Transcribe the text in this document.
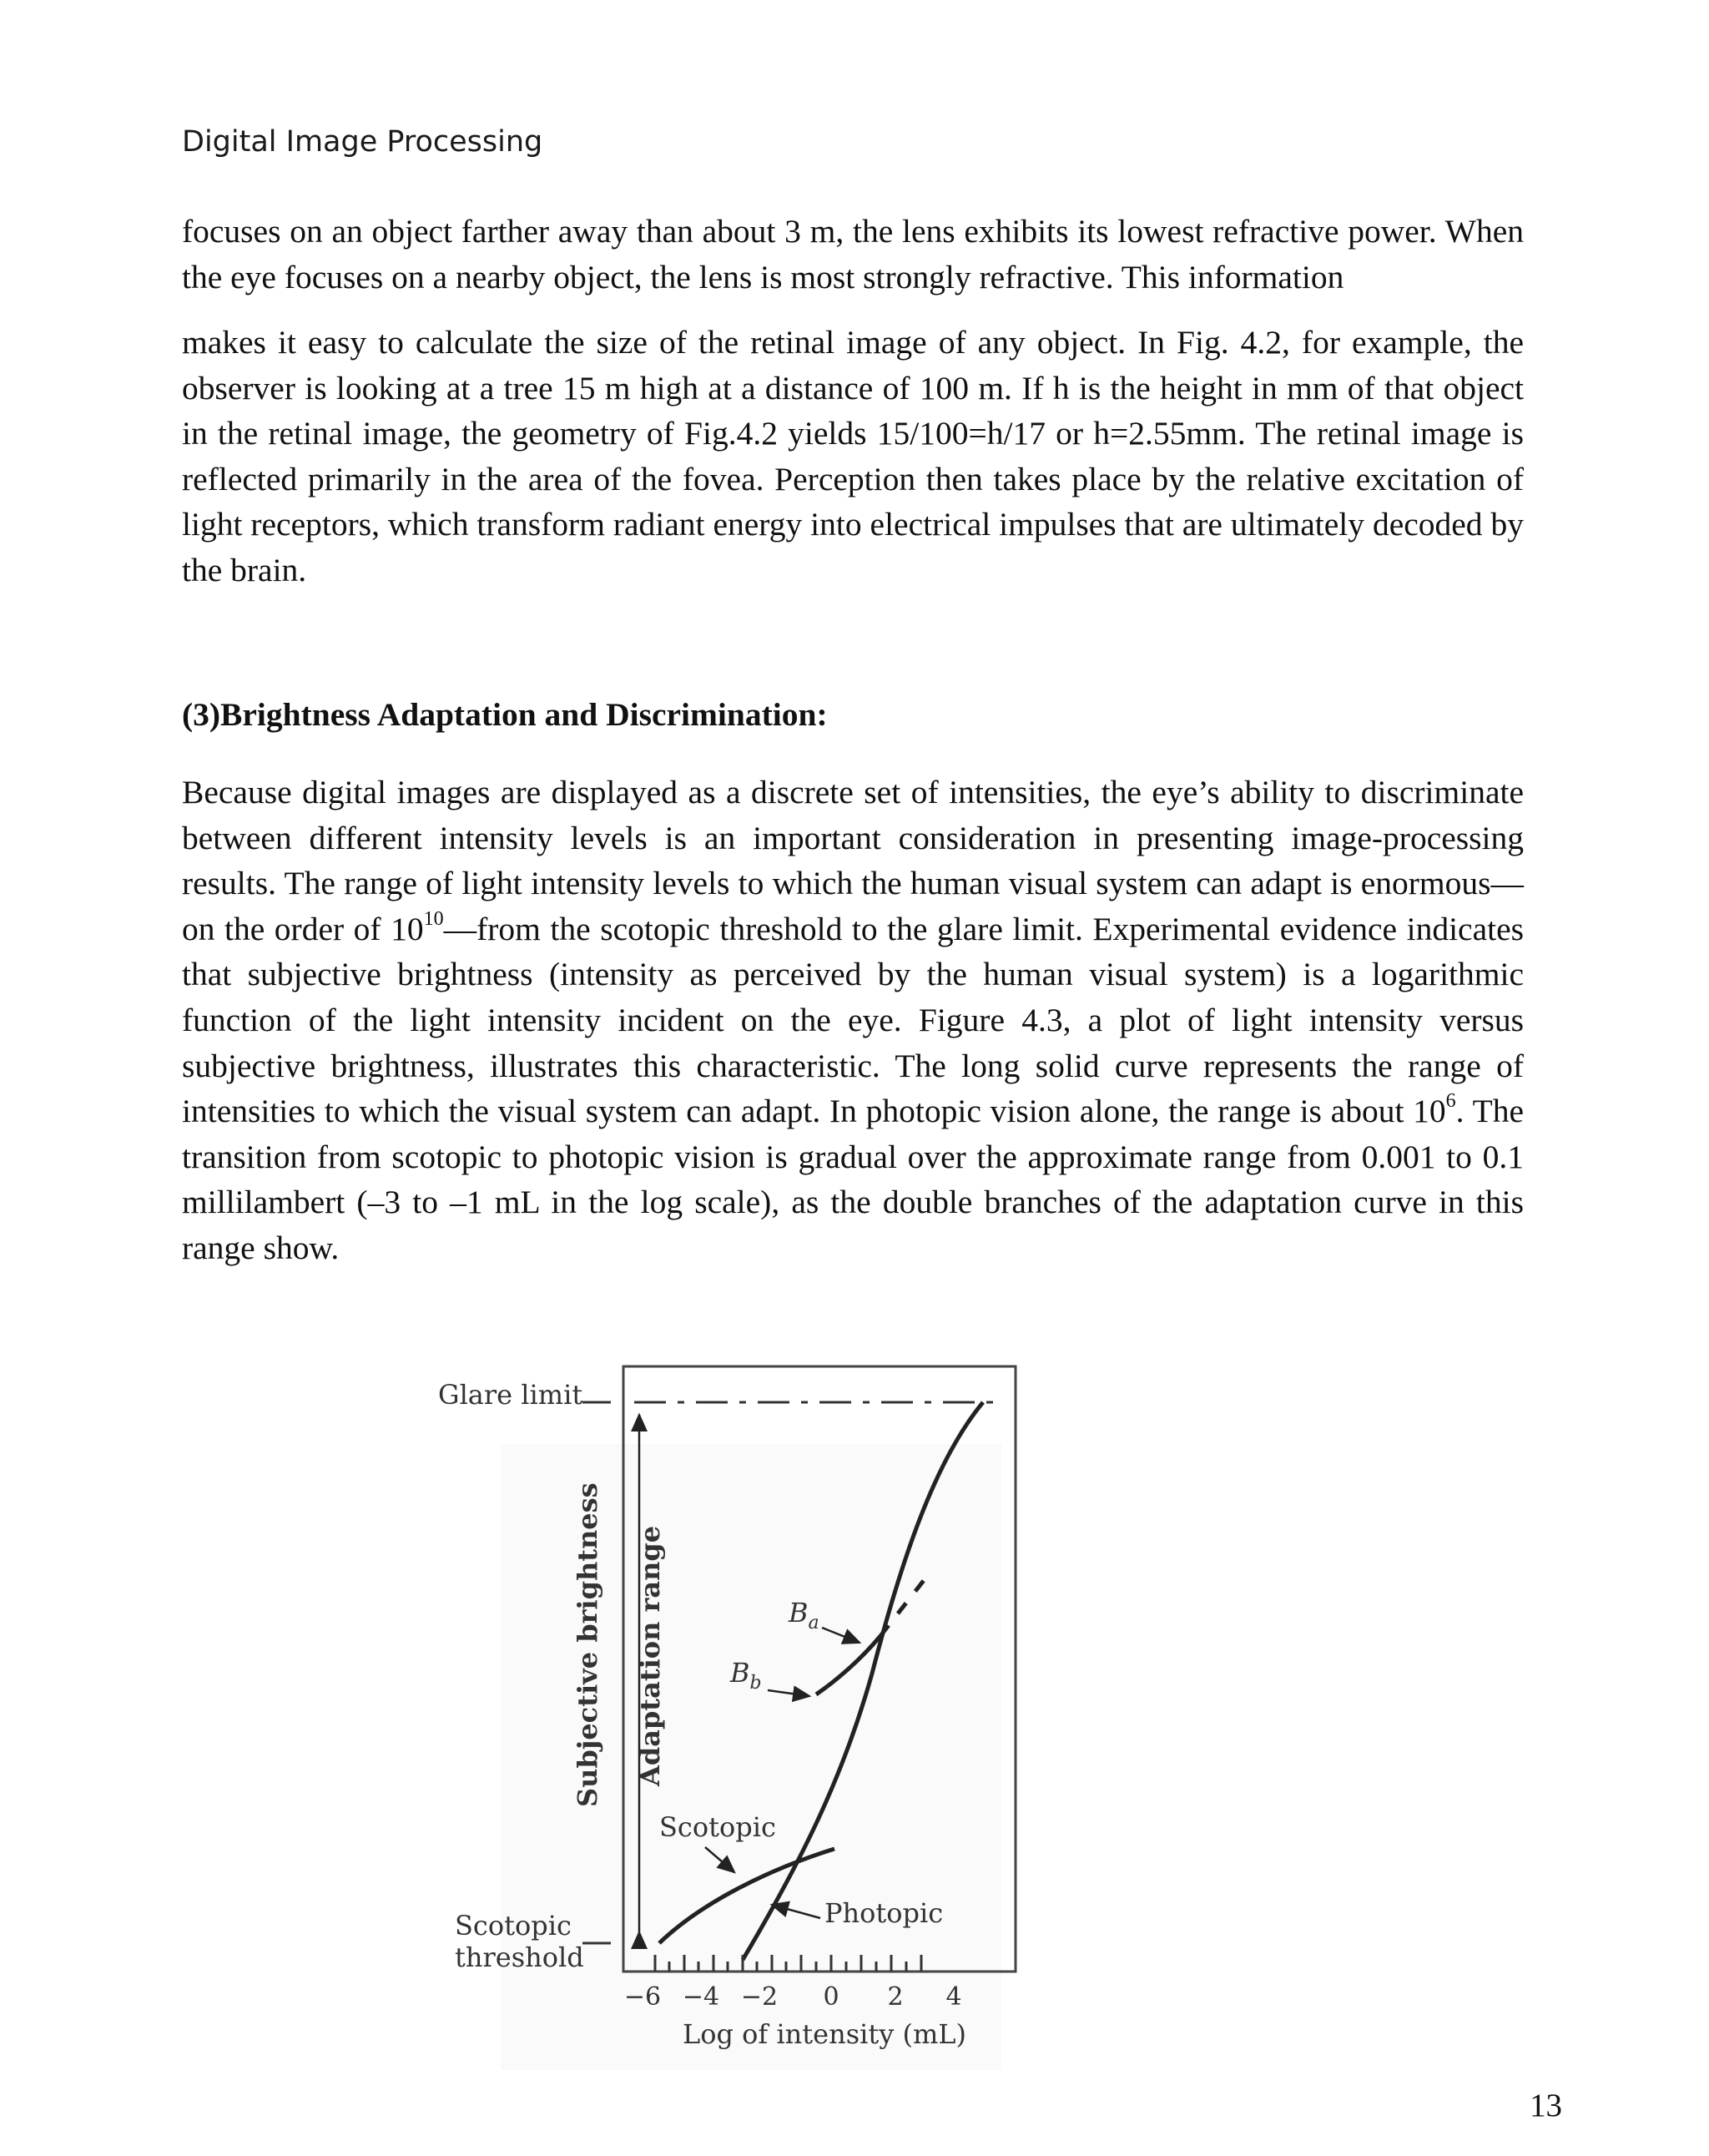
Digital Image Processing

focuses on an object farther away than about 3 m, the lens exhibits its lowest refractive power. When the eye focuses on a nearby object, the lens is most strongly refractive. This information

makes it easy to calculate the size of the retinal image of any object. In Fig. 4.2, for example, the observer is looking at a tree 15 m high at a distance of 100 m. If h is the height in mm of that object in the retinal image, the geometry of Fig.4.2 yields 15/100=h/17 or h=2.55mm. The retinal image is reflected primarily in the area of the fovea. Perception then takes place by the relative excitation of light receptors, which transform radiant energy into electrical impulses that are ultimately decoded by the brain.

(3)Brightness Adaptation and Discrimination:

Because digital images are displayed as a discrete set of intensities, the eye’s ability to discriminate between different intensity levels is an important consideration in presenting image-processing results. The range of light intensity levels to which the human visual system can adapt is enormous—on the order of $10^{10}—from$ the scotopic threshold to the glare limit. Experimental evidence indicates that subjective brightness (intensity as perceived by the human visual system) is a logarithmic function of the light intensity incident on the eye. Figure 4.3, a plot of light intensity versus subjective brightness, illustrates this characteristic. The long solid curve represents the range of intensities to which the visual system can adapt. In photopic vision alone, the range is about $10^6$. The transition from scotopic to photopic vision is gradual over the approximate range from 0.001 to 0.1 millilambert (–3 to –1 mL in the log scale), as the double branches of the adaptation curve in this range show.

Glare limit
Scotopic
threshold
Subjective brightness Adaptation range	$B_a$
$B_b$
Scotopic
Photopic
−6 −4 −2 0 2 4
Log of intensity (mL)
13
